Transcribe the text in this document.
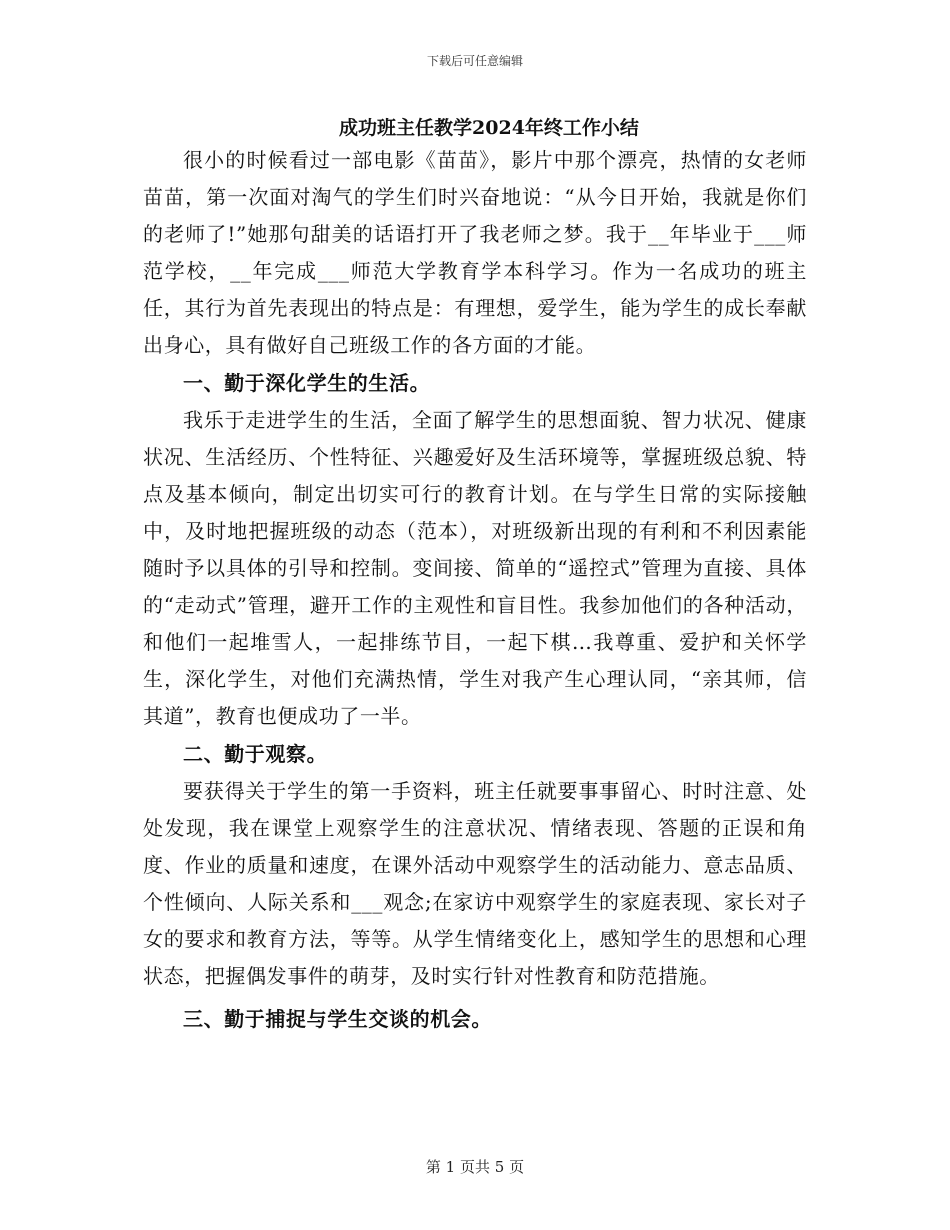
下载后可任意编辑
成功班主任教学2024年终工作小结

很小的时候看过一部电影《苗苗》，影片中那个漂亮，热情的女老师苗苗，第一次面对淘气的学生们时兴奋地说：“从今日开始，我就是你们的老师了!”她那句甜美的话语打开了我老师之梦。我于__年毕业于___师范学校，__年完成___师范大学教育学本科学习。作为一名成功的班主任，其行为首先表现出的特点是：有理想，爱学生，能为学生的成长奉献出身心，具有做好自己班级工作的各方面的才能。

一、勤于深化学生的生活。

我乐于走进学生的生活，全面了解学生的思想面貌、智力状况、健康状况、生活经历、个性特征、兴趣爱好及生活环境等，掌握班级总貌、特点及基本倾向，制定出切实可行的教育计划。在与学生日常的实际接触中，及时地把握班级的动态（范本），对班级新出现的有利和不利因素能随时予以具体的引导和控制。变间接、简单的“遥控式”管理为直接、具体的“走动式”管理，避开工作的主观性和盲目性。我参加他们的各种活动，和他们一起堆雪人，一起排练节目，一起下棋…我尊重、爱护和关怀学生，深化学生，对他们充满热情，学生对我产生心理认同，“亲其师，信其道”，教育也便成功了一半。

二、勤于观察。

要获得关于学生的第一手资料，班主任就要事事留心、时时注意、处处发现，我在课堂上观察学生的注意状况、情绪表现、答题的正误和角度、作业的质量和速度，在课外活动中观察学生的活动能力、意志品质、个性倾向、人际关系和___观念;在家访中观察学生的家庭表现、家长对子女的要求和教育方法，等等。从学生情绪变化上，感知学生的思想和心理状态，把握偶发事件的萌芽，及时实行针对性教育和防范措施。

三、勤于捕捉与学生交谈的机会。

第 1 页共 5 页
